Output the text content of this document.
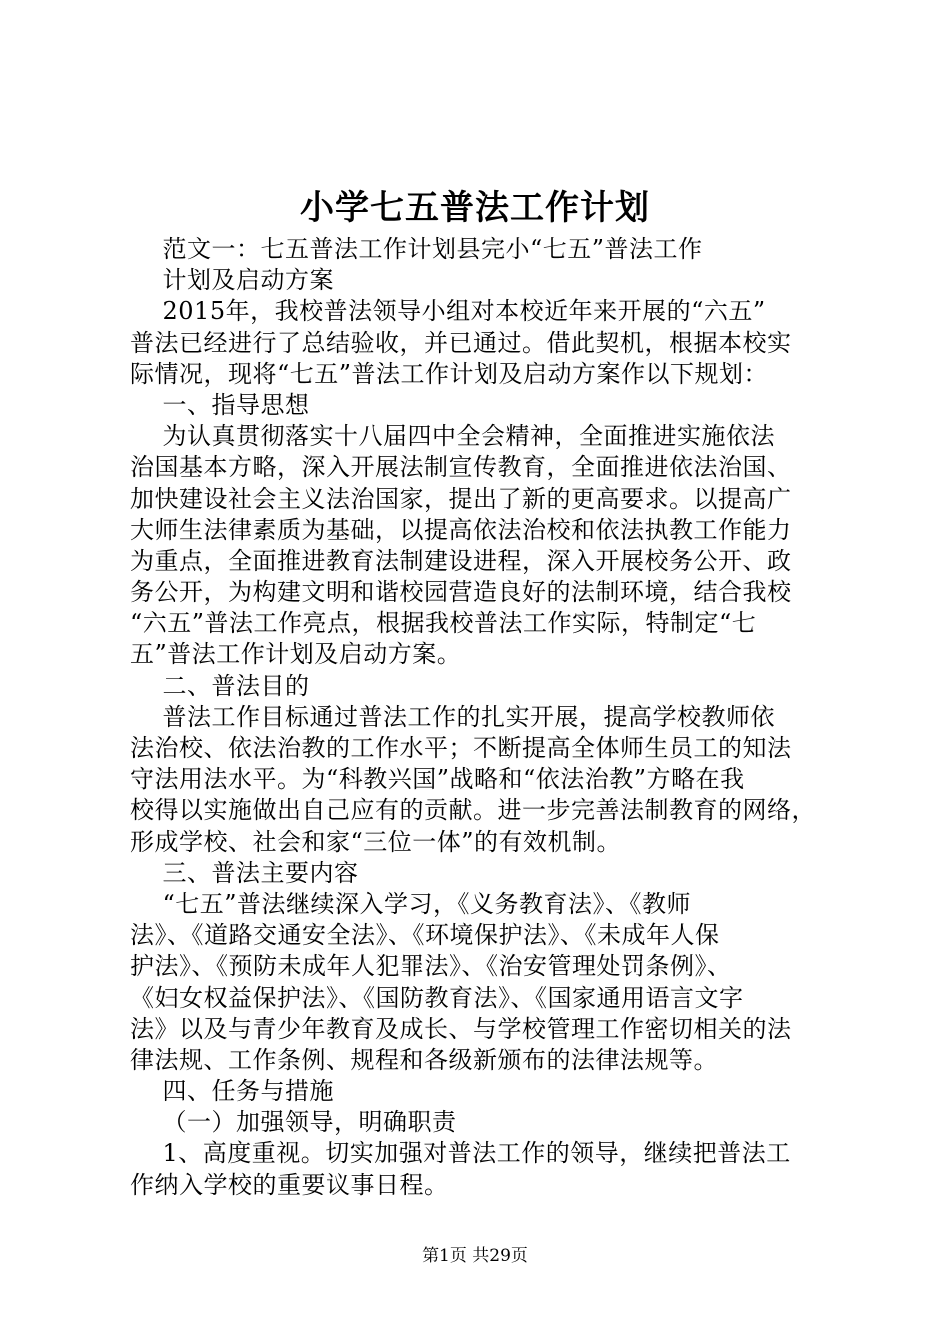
小学七五普法工作计划
范文一：七五普法工作计划县完小“七五”普法工作
计划及启动方案
2015年，我校普法领导小组对本校近年来开展的“六五”
普法已经进行了总结验收，并已通过。借此契机，根据本校实
际情况，现将“七五”普法工作计划及启动方案作以下规划：
一、指导思想
为认真贯彻落实十八届四中全会精神，全面推进实施依法
治国基本方略，深入开展法制宣传教育，全面推进依法治国、
加快建设社会主义法治国家，提出了新的更高要求。以提高广
大师生法律素质为基础，以提高依法治校和依法执教工作能力
为重点，全面推进教育法制建设进程，深入开展校务公开、政
务公开，为构建文明和谐校园营造良好的法制环境，结合我校
“六五”普法工作亮点，根据我校普法工作实际，特制定“七
五”普法工作计划及启动方案。
二、普法目的
普法工作目标通过普法工作的扎实开展，提高学校教师依
法治校、依法治教的工作水平；不断提高全体师生员工的知法
守法用法水平。为“科教兴国”战略和“依法治教”方略在我
校得以实施做出自己应有的贡献。进一步完善法制教育的网络，
形成学校、社会和家“三位一体”的有效机制。
三、普法主要内容
“七五”普法继续深入学习，《义务教育法》、《教师
法》、《道路交通安全法》、《环境保护法》、《未成年人保
护法》、《预防未成年人犯罪法》、《治安管理处罚条例》、
《妇女权益保护法》、《国防教育法》、《国家通用语言文字
法》以及与青少年教育及成长、与学校管理工作密切相关的法
律法规、工作条例、规程和各级新颁布的法律法规等。
四、任务与措施
（一）加强领导，明确职责
1、高度重视。切实加强对普法工作的领导，继续把普法工
作纳入学校的重要议事日程。
第1页 共29页
